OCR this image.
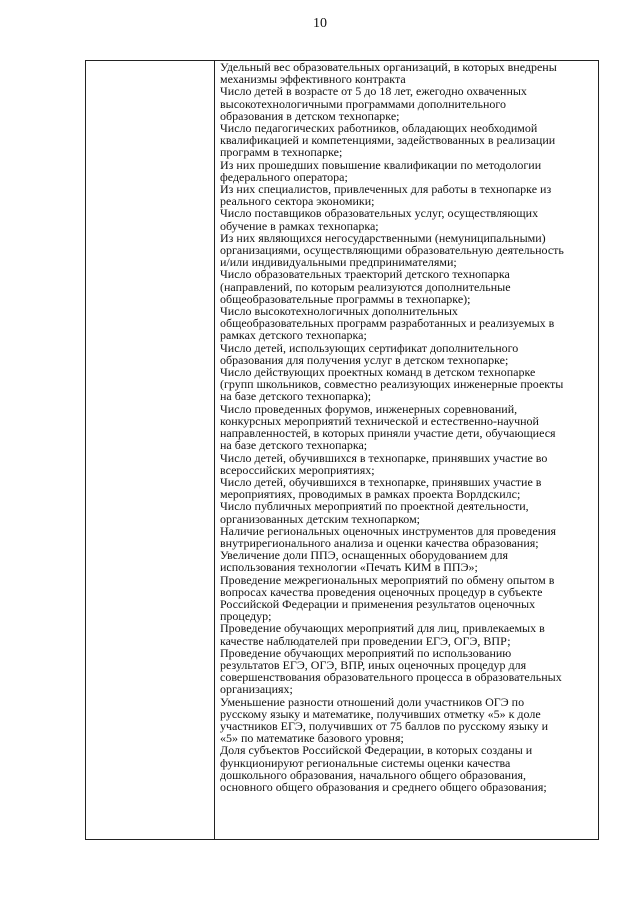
10
Удельный вес образовательных организаций, в которых внедрены
механизмы эффективного контракта
Число детей в возрасте от 5 до 18 лет, ежегодно охваченных
высокотехнологичными программами дополнительного
образования в детском технопарке;
Число педагогических работников, обладающих необходимой
квалификацией и компетенциями, задействованных в реализации
программ в технопарке;
Из них прошедших повышение квалификации по методологии
федерального оператора;
Из них специалистов, привлеченных для работы в технопарке из
реального сектора экономики;
Число поставщиков образовательных услуг, осуществляющих
обучение в рамках технопарка;
Из них являющихся негосударственными (немуниципальными)
организациями, осуществляющими образовательную деятельность
и/или индивидуальными предпринимателями;
Число образовательных траекторий детского технопарка
(направлений, по которым реализуются дополнительные
общеобразовательные программы в технопарке);
Число высокотехнологичных дополнительных
общеобразовательных программ разработанных и реализуемых в
рамках детского технопарка;
Число детей, использующих сертификат дополнительного
образования для получения услуг в детском технопарке;
Число действующих проектных команд в детском технопарке
(групп школьников, совместно реализующих инженерные проекты
на базе детского технопарка);
Число проведенных форумов, инженерных соревнований,
конкурсных мероприятий технической и естественно-научной
направленностей, в которых приняли участие дети, обучающиеся
на базе детского технопарка;
Число детей, обучившихся в технопарке, принявших участие во
всероссийских мероприятиях;
Число детей, обучившихся в технопарке, принявших участие в
мероприятиях, проводимых в рамках проекта Ворлдскилс;
Число публичных мероприятий по проектной деятельности,
организованных детским технопарком;
Наличие региональных оценочных инструментов для проведения
внутрирегионального анализа и оценки качества образования;
Увеличение доли ППЭ, оснащенных оборудованием для
использования технологии «Печать КИМ в ППЭ»;
Проведение межрегиональных мероприятий по обмену опытом в
вопросах качества проведения оценочных процедур в субъекте
Российской Федерации и применения результатов оценочных
процедур;
Проведение обучающих мероприятий для лиц, привлекаемых в
качестве наблюдателей при проведении ЕГЭ, ОГЭ, ВПР;
Проведение обучающих мероприятий по использованию
результатов ЕГЭ, ОГЭ, ВПР, иных оценочных процедур для
совершенствования образовательного процесса в образовательных
организациях;
Уменьшение разности отношений доли участников ОГЭ по
русскому языку и математике, получивших отметку «5» к доле
участников ЕГЭ, получивших от 75 баллов по русскому языку и
«5» по математике базового уровня;
Доля субъектов Российской Федерации, в которых созданы и
функционируют региональные системы оценки качества
дошкольного образования, начального общего образования,
основного общего образования и среднего общего образования;
